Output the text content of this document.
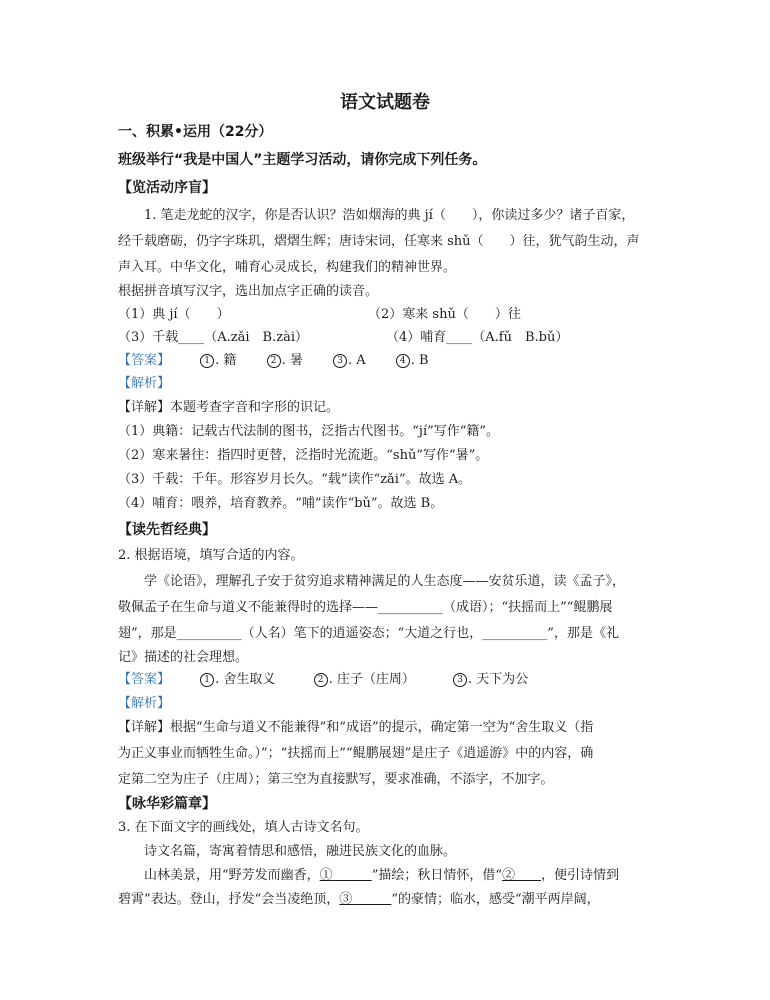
语文试题卷
一、积累•运用（22分）
班级举行“我是中国人”主题学习活动，请你完成下列任务。
【览活动序盲】
1. 笔走龙蛇的汉字，你是否认识？浩如烟海的典 jí（　　），你读过多少？诸子百家，
经千载磨砺，仍字字珠玑，熠熠生辉；唐诗宋词，任寒来 shǔ（　　）往，犹气韵生动，声
声入耳。中华文化，哺育心灵成长，构建我们的精神世界。
根据拼音填写汉字，选出加点字正确的读音。
（1）典 jí（　　）	（2）寒来 shǔ（　　）往
（3）千载____（A.zǎi　B.zài）	（4）哺育____（A.fǔ　B.bǔ）
【答案】	1 . 籍	2 . 暑	3 . A	4 . B
【解析】
【详解】本题考查字音和字形的识记。
（1）典籍：记载古代法制的图书，泛指古代图书。“jí”写作“籍”。
（2）寒来暑往：指四时更替，泛指时光流逝。“shǔ”写作“暑”。
（3）千载：千年。形容岁月长久。“载”读作“zǎi”。故选 A。
（4）哺育：喂养，培育教养。“哺”读作“bǔ”。故选 B。
【读先哲经典】
2. 根据语境，填写合适的内容。
学《论语》，理解孔子安于贫穷追求精神满足的人生态度——安贫乐道，读《孟子》，
敬佩孟子在生命与道义不能兼得时的选择——__________（成语）；“扶摇而上”“鲲鹏展
翅”，那是__________（人名）笔下的逍遥姿态；“大道之行也，__________”，那是《礼
记》描述的社会理想。
【答案】	1 . 舍生取义	2 . 庄子（庄周）	3 . 天下为公
【解析】
【详解】根据“生命与道义不能兼得”和“成语”的提示，确定第一空为“舍生取义（指
为正义事业而牺牲生命。）”；“扶摇而上”“鲲鹏展翅”是庄子《逍遥游》中的内容，确
定第二空为庄子（庄周）；第三空为直接默写，要求准确，不添字，不加字。
【咏华彩篇章】
3. 在下面文字的画线处，填人古诗文名句。
诗文名篇，寄寓着情思和感悟，融进民族文化的血脉。
山林美景，用“野芳发而幽香，①　　　	”描绘；秋日情怀，借“②　　 ，便引诗情到
碧霄”表达。登山，抒发“会当凌绝顶，③　　　	”的豪情；临水，感受“潮平两岸阔，
